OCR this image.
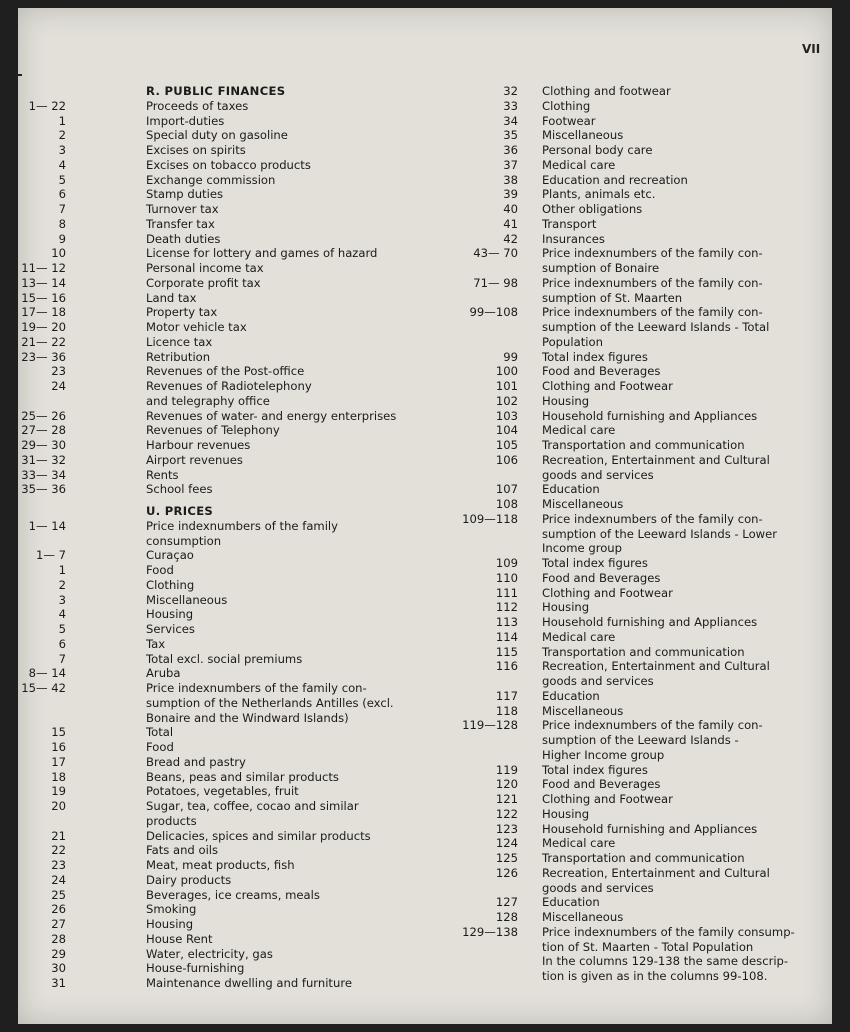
VII
R. PUBLIC FINANCES
1— 22	Proceeds of taxes
1	Import-duties
2	Special duty on gasoline
3	Excises on spirits
4	Excises on tobacco products
5	Exchange commission
6	Stamp duties
7	Turnover tax
8	Transfer tax
9	Death duties
10	License for lottery and games of hazard
11— 12	Personal income tax
13— 14	Corporate profit tax
15— 16	Land tax
17— 18	Property tax
19— 20	Motor vehicle tax
21— 22	Licence tax
23— 36	Retribution
23	Revenues of the Post-office
24	Revenues of Radiotelephony
and telegraphy office
25— 26	Revenues of water- and energy enterprises
27— 28	Revenues of Telephony
29— 30	Harbour revenues
31— 32	Airport revenues
33— 34	Rents
35— 36	School fees
U. PRICES
1— 14	Price indexnumbers of the family
consumption
1— 7	Curaçao
1	Food
2	Clothing
3	Miscellaneous
4	Housing
5	Services
6	Tax
7	Total excl. social premiums
8— 14	Aruba
15— 42	Price indexnumbers of the family con-
sumption of the Netherlands Antilles (excl.
Bonaire and the Windward Islands)
15	Total
16	Food
17	Bread and pastry
18	Beans, peas and similar products
19	Potatoes, vegetables, fruit
20	Sugar, tea, coffee, cocao and similar
products
21	Delicacies, spices and similar products
22	Fats and oils
23	Meat, meat products, fish
24	Dairy products
25	Beverages, ice creams, meals
26	Smoking
27	Housing
28	House Rent
29	Water, electricity, gas
30	House-furnishing
31	Maintenance dwelling and furniture
32 Clothing and footwear
33 Clothing
34 Footwear
35 Miscellaneous
36 Personal body care
37 Medical care
38 Education and recreation
39 Plants, animals etc.
40 Other obligations
41 Transport
42 Insurances
43— 70 Price indexnumbers of the family con-
sumption of Bonaire
71— 98 Price indexnumbers of the family con-
sumption of St. Maarten
99—108 Price indexnumbers of the family con-
sumption of the Leeward Islands - Total
Population
99 Total index figures
100 Food and Beverages
101 Clothing and Footwear
102 Housing
103 Household furnishing and Appliances
104 Medical care
105 Transportation and communication
106 Recreation, Entertainment and Cultural
goods and services
107 Education
108 Miscellaneous
109—118 Price indexnumbers of the family con-
sumption of the Leeward Islands - Lower
Income group
109 Total index figures
110 Food and Beverages
111 Clothing and Footwear
112 Housing
113 Household furnishing and Appliances
114 Medical care
115 Transportation and communication
116 Recreation, Entertainment and Cultural
goods and services
117 Education
118 Miscellaneous
119—128 Price indexnumbers of the family con-
sumption of the Leeward Islands -
Higher Income group
119 Total index figures
120 Food and Beverages
121 Clothing and Footwear
122 Housing
123 Household furnishing and Appliances
124 Medical care
125 Transportation and communication
126 Recreation, Entertainment and Cultural
goods and services
127 Education
128 Miscellaneous
129—138 Price indexnumbers of the family consump-
tion of St. Maarten - Total Population
In the columns 129-138 the same descrip-
tion is given as in the columns 99-108.
